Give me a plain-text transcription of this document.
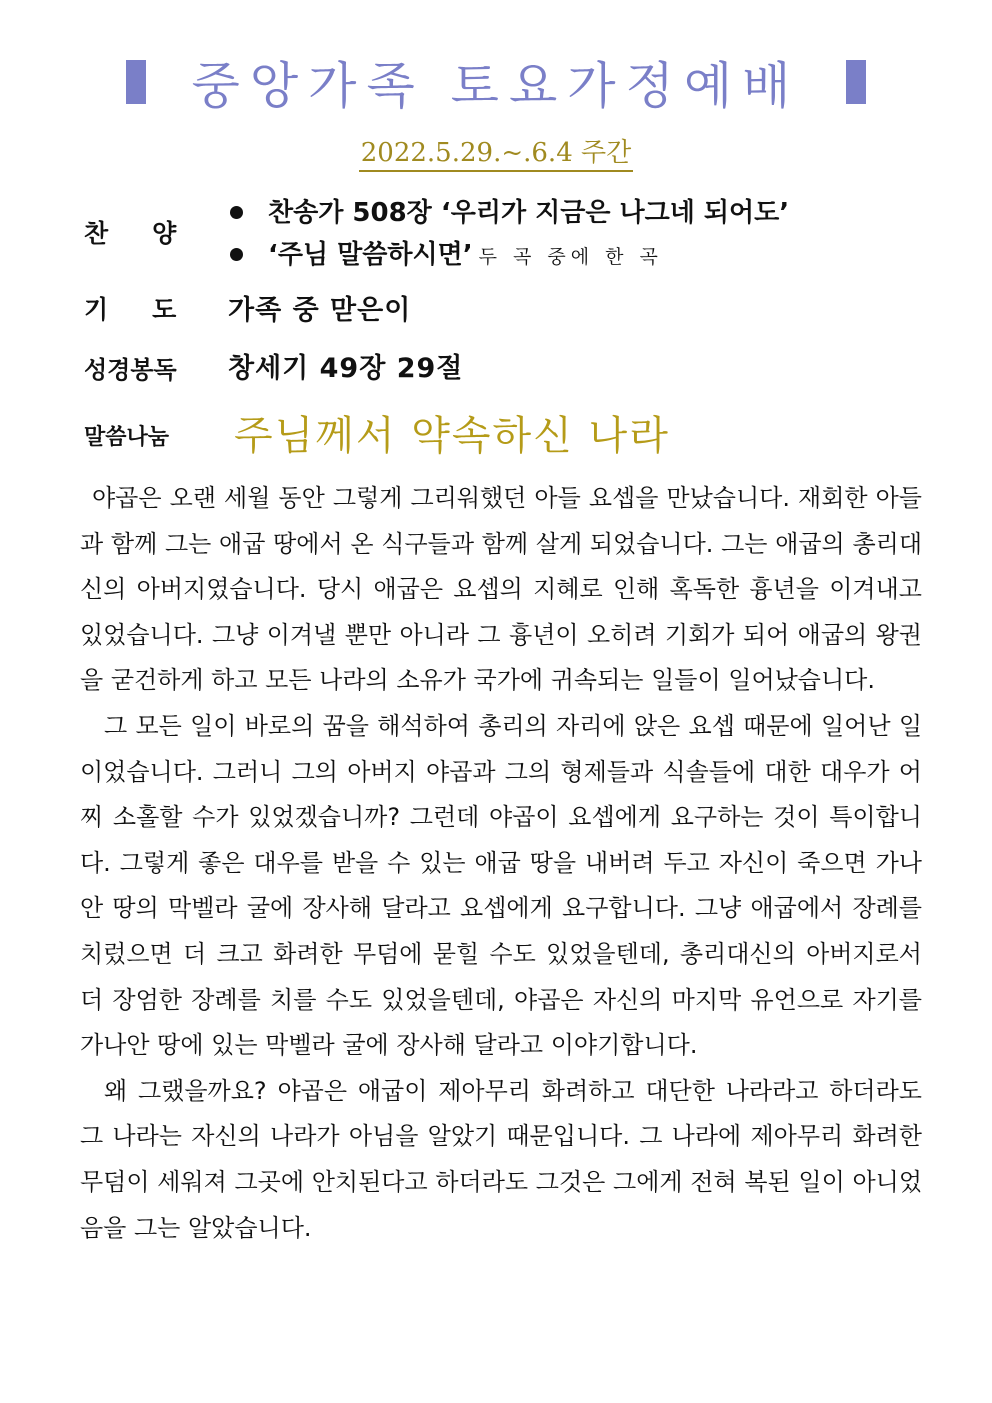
중앙가족 토요가정예배
2022.5.29.~.6.4 주간
찬양
찬송가 508장 ‘우리가 지금은 나그네 되어도’
‘주님 말씀하시면’ 두 곡 중에 한 곡
기도 가족 중 맏은이
성경봉독 창세기 49장 29절
말씀나눔 주님께서 약속하신 나라

야곱은 오랜 세월 동안 그렇게 그리워했던 아들 요셉을 만났습니다. 재회한 아들과 함께 그는 애굽 땅에서 온 식구들과 함께 살게 되었습니다. 그는 애굽의 총리대신의 아버지였습니다. 당시 애굽은 요셉의 지혜로 인해 혹독한 흉년을 이겨내고 있었습니다. 그냥 이겨낼 뿐만 아니라 그 흉년이 오히려 기회가 되어 애굽의 왕권을 굳건하게 하고 모든 나라의 소유가 국가에 귀속되는 일들이 일어났습니다.

그 모든 일이 바로의 꿈을 해석하여 총리의 자리에 앉은 요셉 때문에 일어난 일이었습니다. 그러니 그의 아버지 야곱과 그의 형제들과 식솔들에 대한 대우가 어찌 소홀할 수가 있었겠습니까? 그런데 야곱이 요셉에게 요구하는 것이 특이합니다. 그렇게 좋은 대우를 받을 수 있는 애굽 땅을 내버려 두고 자신이 죽으면 가나안 땅의 막벨라 굴에 장사해 달라고 요셉에게 요구합니다. 그냥 애굽에서 장례를 치렀으면 더 크고 화려한 무덤에 묻힐 수도 있었을텐데, 총리대신의 아버지로서 더 장엄한 장례를 치를 수도 있었을텐데, 야곱은 자신의 마지막 유언으로 자기를 가나안 땅에 있는 막벨라 굴에 장사해 달라고 이야기합니다.

왜 그랬을까요? 야곱은 애굽이 제아무리 화려하고 대단한 나라라고 하더라도 그 나라는 자신의 나라가 아님을 알았기 때문입니다. 그 나라에 제아무리 화려한 무덤이 세워져 그곳에 안치된다고 하더라도 그것은 그에게 전혀 복된 일이 아니었음을 그는 알았습니다.
